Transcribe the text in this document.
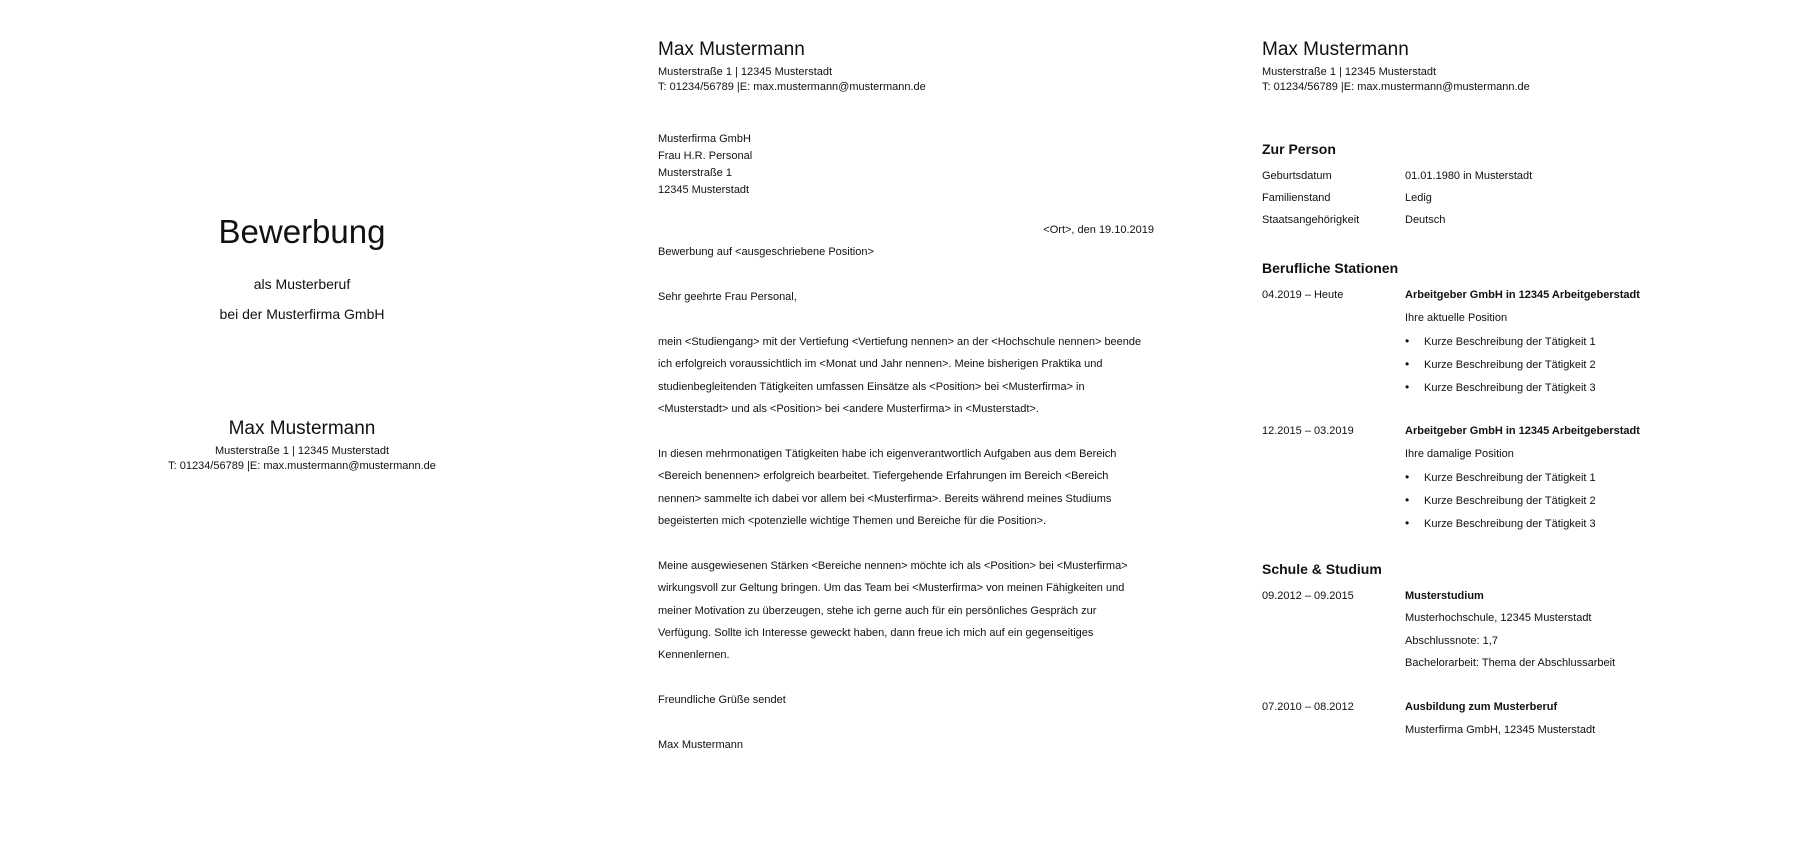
Bewerbung
als Musterberuf
bei der Musterfirma GmbH
Max Mustermann
Musterstraße 1 | 12345 Musterstadt
T: 01234/56789 |E: max.mustermann@mustermann.de
Max Mustermann
Musterstraße 1 | 12345 Musterstadt
T: 01234/56789 |E: max.mustermann@mustermann.de
Musterfirma GmbH
Frau H.R. Personal
Musterstraße 1
12345 Musterstadt
<Ort>, den 19.10.2019
Bewerbung auf <ausgeschriebene Position>
Sehr geehrte Frau Personal,
mein <Studiengang> mit der Vertiefung <Vertiefung nennen> an der <Hochschule nennen> beende
ich erfolgreich voraussichtlich im <Monat und Jahr nennen>. Meine bisherigen Praktika und
studienbegleitenden Tätigkeiten umfassen Einsätze als <Position> bei <Musterfirma> in
<Musterstadt> und als <Position> bei <andere Musterfirma> in <Musterstadt>.
In diesen mehrmonatigen Tätigkeiten habe ich eigenverantwortlich Aufgaben aus dem Bereich
<Bereich benennen> erfolgreich bearbeitet. Tiefergehende Erfahrungen im Bereich <Bereich
nennen> sammelte ich dabei vor allem bei <Musterfirma>. Bereits während meines Studiums
begeisterten mich <potenzielle wichtige Themen und Bereiche für die Position>.
Meine ausgewiesenen Stärken <Bereiche nennen> möchte ich als <Position> bei <Musterfirma>
wirkungsvoll zur Geltung bringen. Um das Team bei <Musterfirma> von meinen Fähigkeiten und
meiner Motivation zu überzeugen, stehe ich gerne auch für ein persönliches Gespräch zur
Verfügung. Sollte ich Interesse geweckt haben, dann freue ich mich auf ein gegenseitiges
Kennenlernen.
Freundliche Grüße sendet
Max Mustermann
Max Mustermann
Musterstraße 1 | 12345 Musterstadt
T: 01234/56789 |E: max.mustermann@mustermann.de
Zur Person
Geburtsdatum	01.01.1980 in Musterstadt
Familienstand	Ledig
Staatsangehörigkeit	Deutsch
Berufliche Stationen
04.2019 – Heute	Arbeitgeber GmbH in 12345 Arbeitgeberstadt
Ihre aktuelle Position
• Kurze Beschreibung der Tätigkeit 1
• Kurze Beschreibung der Tätigkeit 2
• Kurze Beschreibung der Tätigkeit 3
12.2015 – 03.2019	Arbeitgeber GmbH in 12345 Arbeitgeberstadt
Ihre damalige Position
• Kurze Beschreibung der Tätigkeit 1
• Kurze Beschreibung der Tätigkeit 2
• Kurze Beschreibung der Tätigkeit 3
Schule & Studium
09.2012 – 09.2015	Musterstudium
Musterhochschule, 12345 Musterstadt
Abschlussnote: 1,7
Bachelorarbeit: Thema der Abschlussarbeit
07.2010 – 08.2012	Ausbildung zum Musterberuf
Musterfirma GmbH, 12345 Musterstadt
